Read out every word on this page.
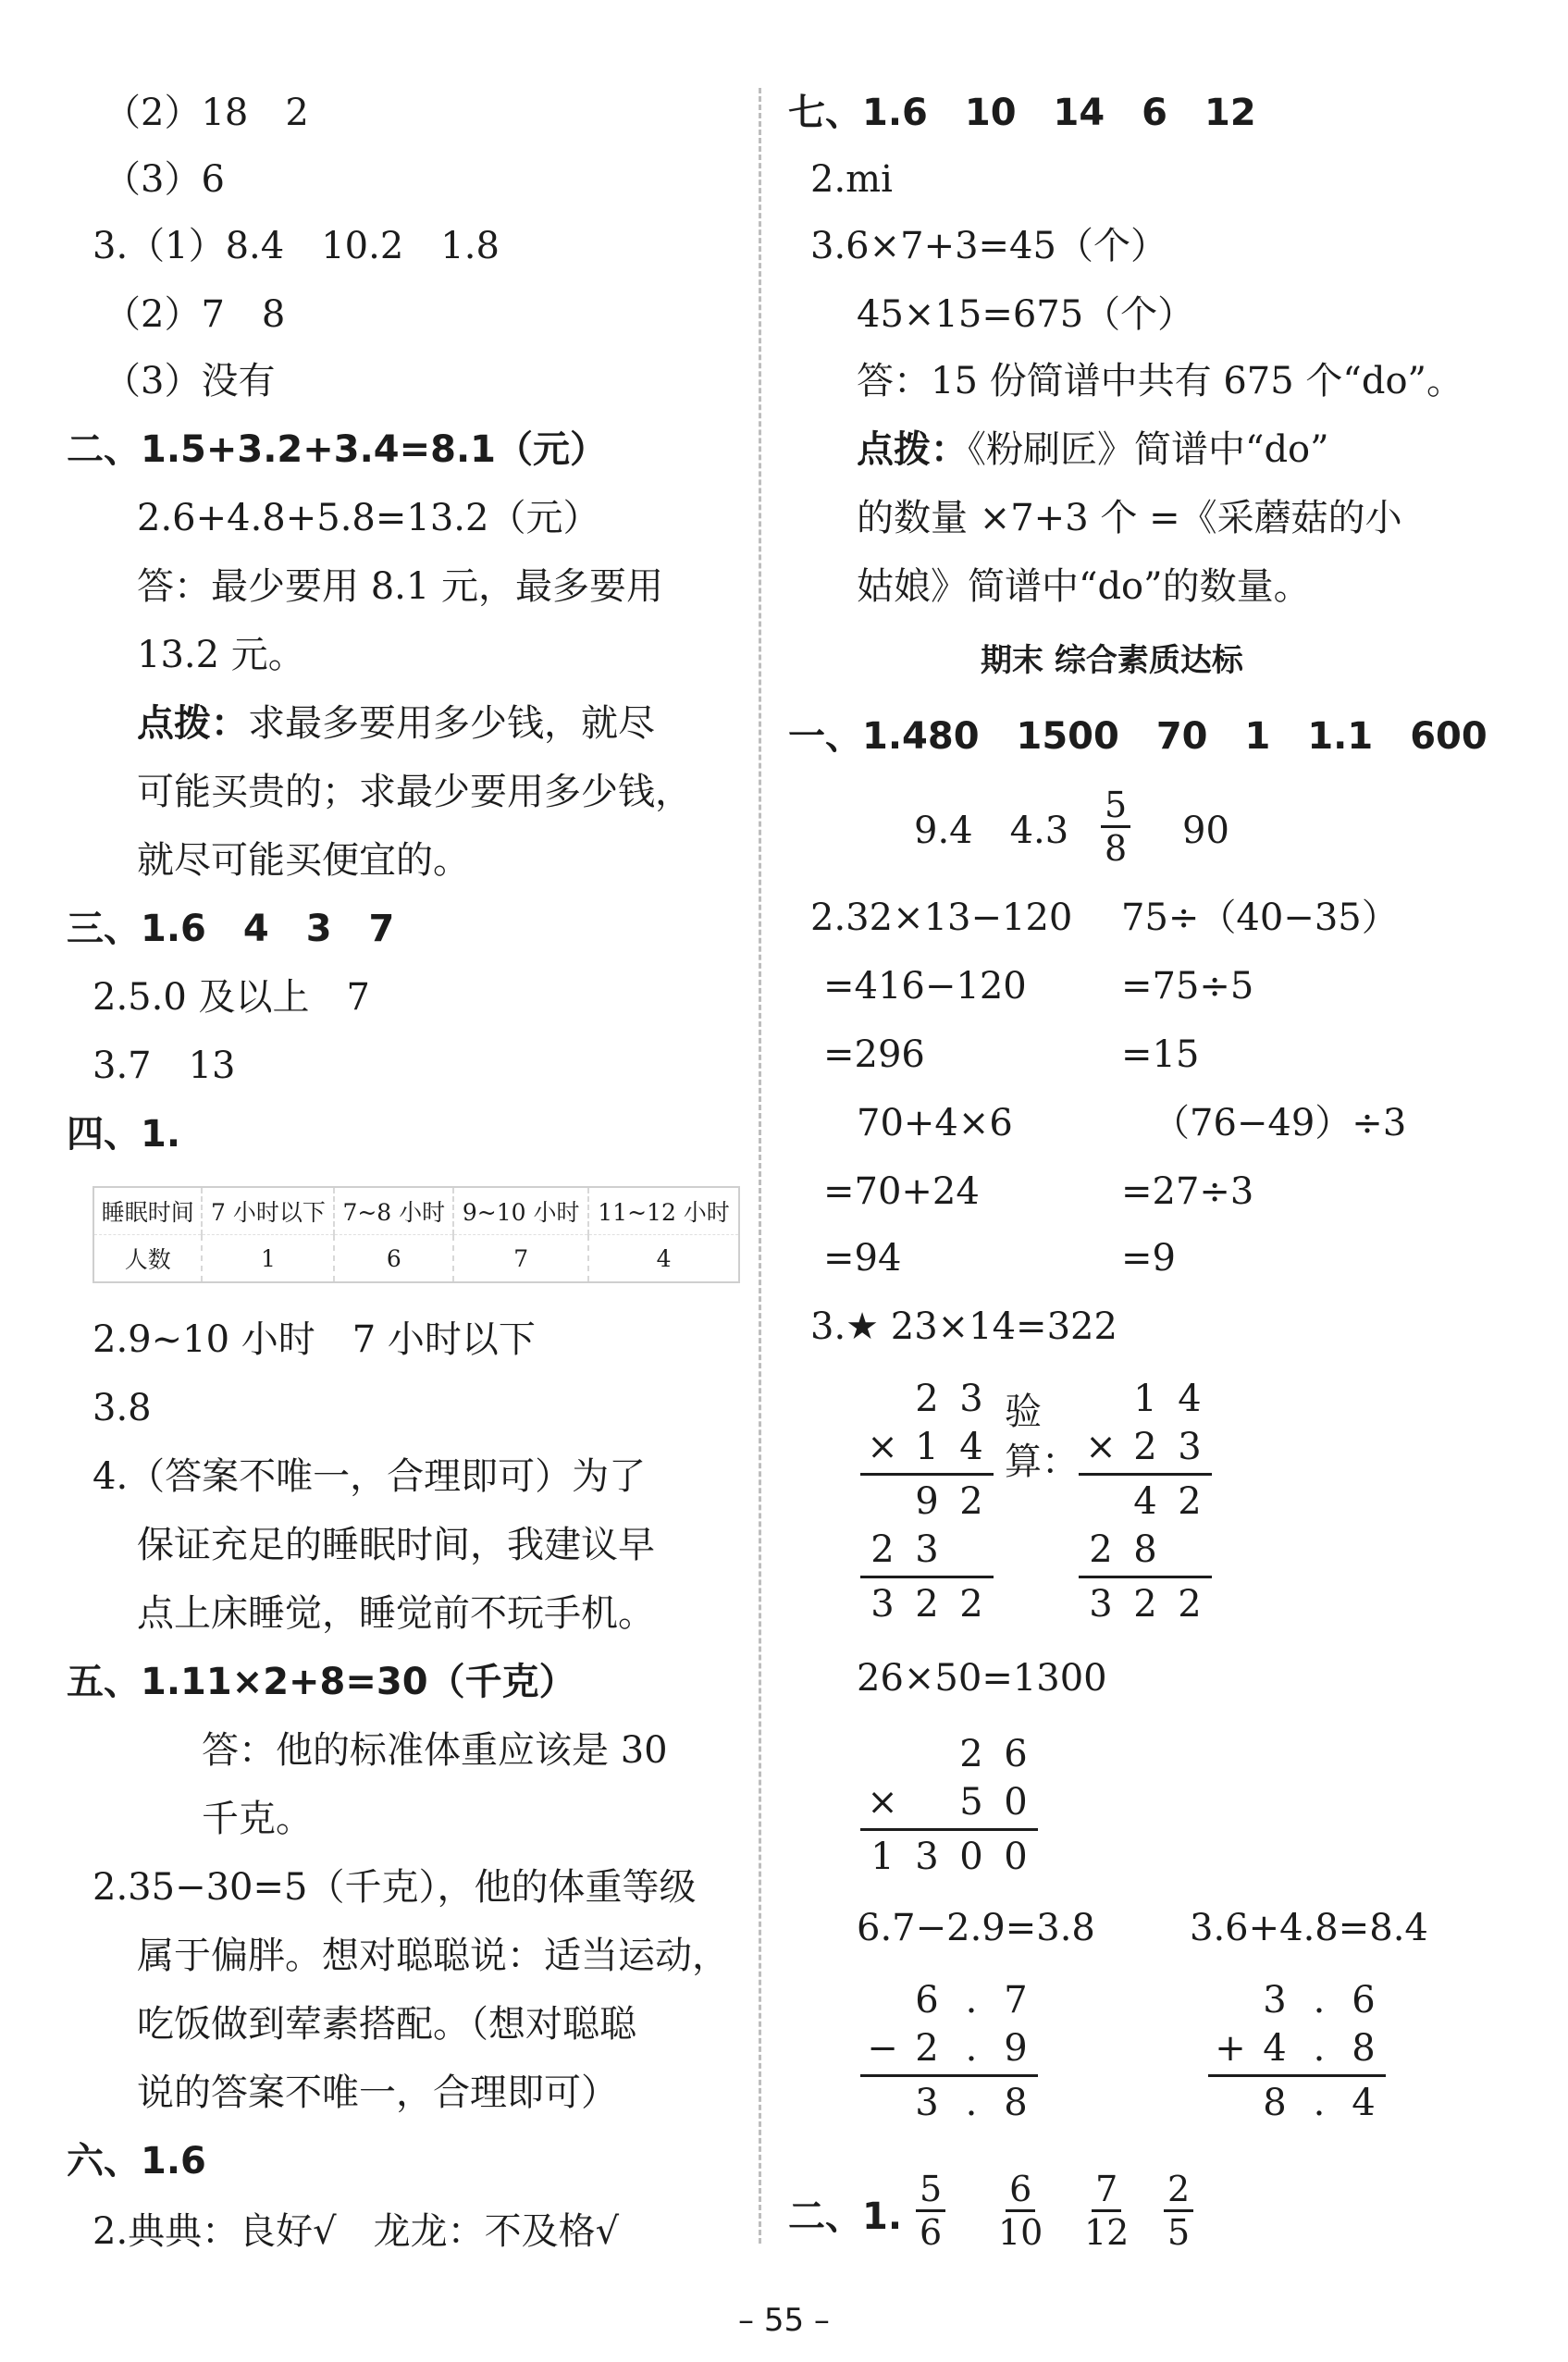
（2）18　2
（3）6
3.（1）8.4　10.2　1.8
（2）7　8
（3）没有
二、1.5+3.2+3.4=8.1（元）
2.6+4.8+5.8=13.2（元）
答：最少要用 8.1 元，最多要用
13.2 元。
点拨：求最多要用多少钱，就尽
可能买贵的；求最少要用多少钱，
就尽可能买便宜的。
三、1.6　4　3　7
2.5.0 及以上　7
3.7　13
四、1.
睡眠时间	7 小时以下	7~8 小时	9~10 小时	11~12 小时
人数	1	6	7	4
2.9~10 小时　7 小时以下
3.8
4.（答案不唯一，合理即可）为了
保证充足的睡眠时间，我建议早
点上床睡觉，睡觉前不玩手机。
五、1.11×2+8=30（千克）
答：他的标准体重应该是 30
千克。
2.35−30=5（千克），他的体重等级
属于偏胖。想对聪聪说：适当运动，
吃饭做到荤素搭配。（想对聪聪
说的答案不唯一，合理即可）
六、1.6
2.典典：良好√　龙龙：不及格√
七、1.6　10　14　6　12
2.mi
3.6×7+3=45（个）
45×15=675（个）
答：15 份简谱中共有 675 个“do”。
点拨：《粉刷匠》简谱中“do”
的数量 ×7+3 个 =《采蘑菇的小
姑娘》简谱中“do”的数量。
期末 综合素质达标
一、1.480　1500　70　1　1.1　600
9.4　$4.3 \frac{5}{8} 90$
2.32×13−120 75÷（40−35）
=416−120	=75÷5
=296	=15
70+4×6	（76−49）÷3
=70+24	=27÷3
=94	=9
3.★ 23×14=322
2 3
× 1 4
9 2
2 3
3 2 2
验
算：
1 4
× 2 3
4 2
2 8
3 2 2
26×50=1300
2 6
× 5 0
1 3 0 0
6.7−2.9=3.8	3.6+4.8=8.4
6 . 7
− 2 . 9
3 . 8
3 . 6
+ 4 . 8
8 . 4
二、1. $\frac{5}{6} \frac{6}{10} \frac{7}{12} \frac{2}{5}$
– 55 –
